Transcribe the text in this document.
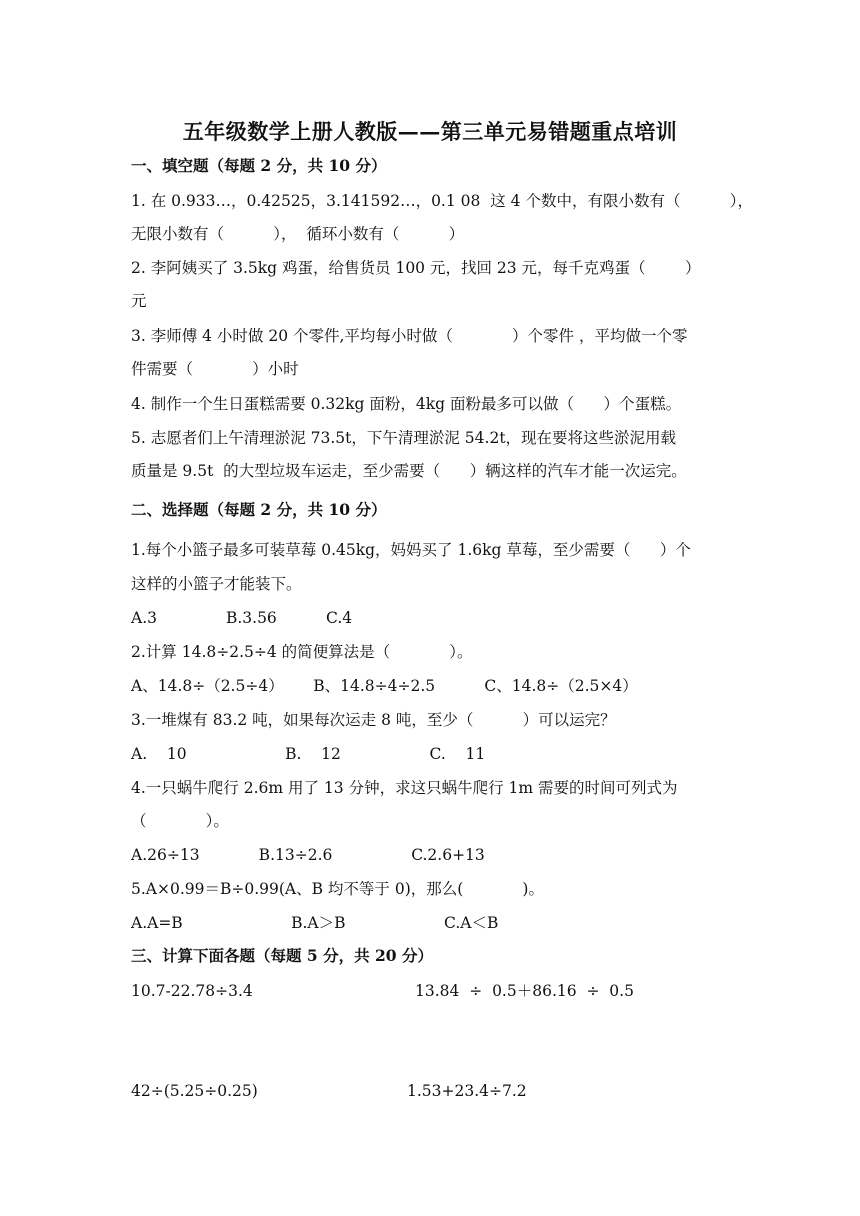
五年级数学上册人教版——第三单元易错题重点培训
一、填空题（每题 2 分，共 10 分）
1. 在 0.933…，0.42525，3.141592…，0.1 08  这 4 个数中，有限小数有（          ），
无限小数有（          ），  循环小数有（          ）
2. 李阿姨买了 3.5kg 鸡蛋，给售货员 100 元，找回 23 元，每千克鸡蛋（        ）
元
3. 李师傅 4 小时做 20 个零件,平均每小时做（            ）个零件 ，平均做一个零
件需要（            ）小时
4. 制作一个生日蛋糕需要 0.32kg 面粉，4kg 面粉最多可以做（      ）个蛋糕。
5. 志愿者们上午清理淤泥 73.5t，下午清理淤泥 54.2t，现在要将这些淤泥用载
质量是 9.5t  的大型垃圾车运走，至少需要（      ）辆这样的汽车才能一次运完。
二、选择题（每题 2 分，共 10 分）
1.每个小篮子最多可装草莓 0.45kg，妈妈买了 1.6kg 草莓，至少需要（      ）个
这样的小篮子才能装下。
A.3              B.3.56          C.4
2.计算 14.8÷2.5÷4 的简便算法是（            ）。
A、14.8÷（2.5÷4）      B、14.8÷4÷2.5          C、14.8÷（2.5×4）
3.一堆煤有 83.2 吨，如果每次运走 8 吨，至少（          ）可以运完？
A.    10                    B.    12                  C.    11
4.一只蜗牛爬行 2.6m 用了 13 分钟，求这只蜗牛爬行 1m 需要的时间可列式为
（            ）。
A.26÷13            B.13÷2.6                C.2.6+13
5.A×0.99＝B÷0.99(A、B 均不等于 0)，那么(            )。
A.A=B                      B.A＞B                    C.A＜B
三、计算下面各题（每题 5 分，共 20 分）
10.7-22.78÷3.4	13.84  ÷  0.5＋86.16  ÷  0.5
42÷(5.25÷0.25)	1.53+23.4÷7.2
